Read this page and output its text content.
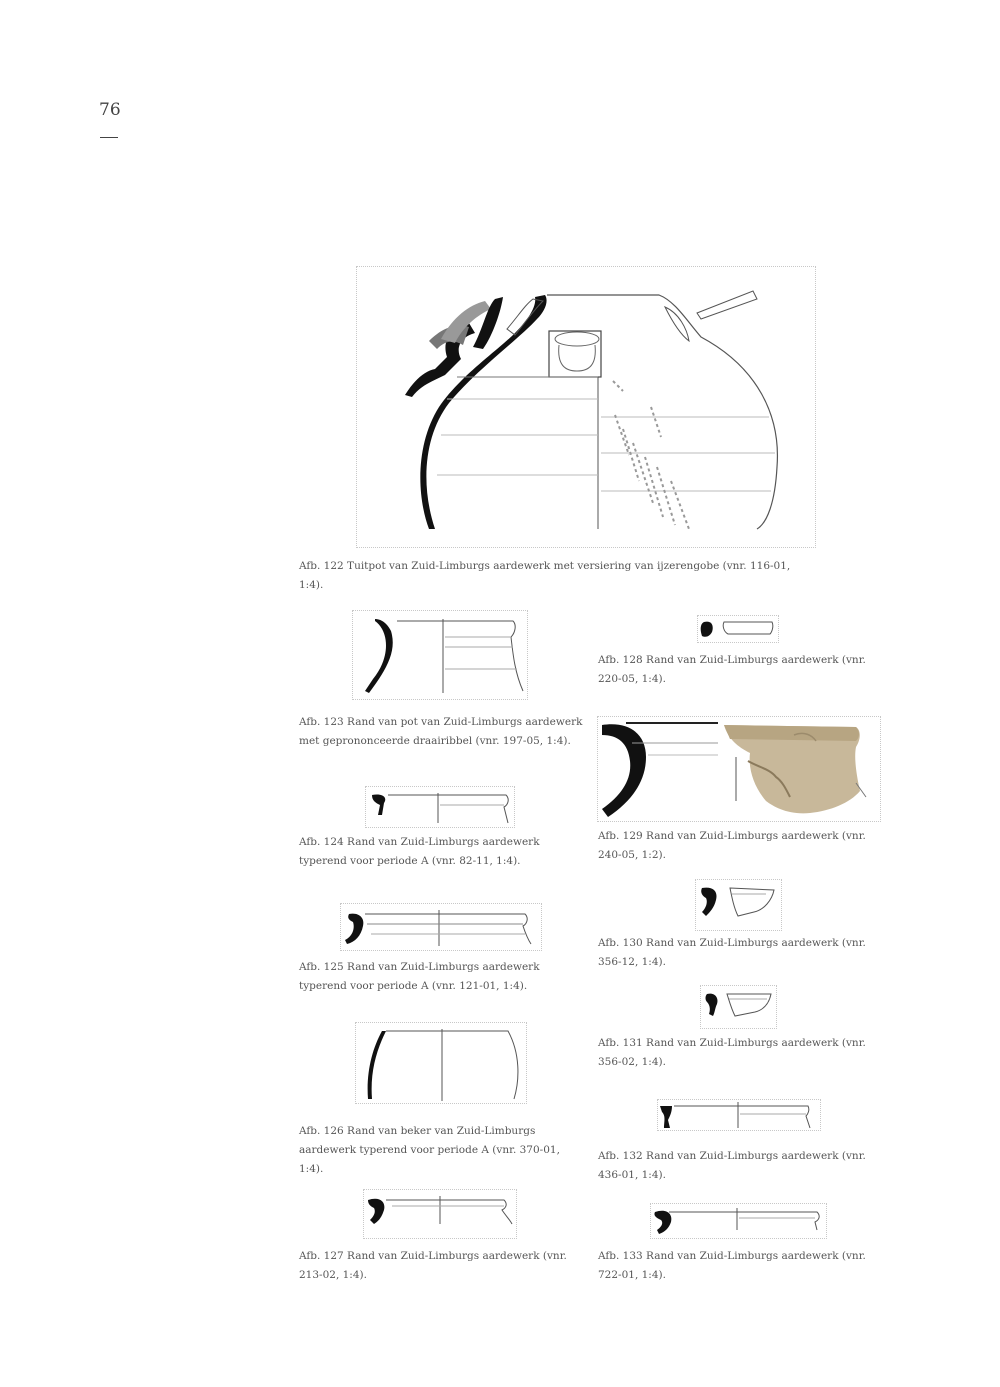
76
Afb. 122 Tuitpot van Zuid-Limburgs aardewerk met versiering van ijzerengobe (vnr. 116-01, 1:4).
Afb. 123 Rand van pot van Zuid-Limburgs aardewerk met geprononceerde draairibbel (vnr. 197-05, 1:4).
Afb. 124 Rand van Zuid-Limburgs aardewerk typerend voor periode A (vnr. 82-11, 1:4).
Afb. 125 Rand van Zuid-Limburgs aardewerk typerend voor periode A (vnr. 121-01, 1:4).
Afb. 126 Rand van beker van Zuid-Limburgs aardewerk typerend voor periode A (vnr. 370-01, 1:4).
Afb. 127 Rand van Zuid-Limburgs aardewerk (vnr. 213-02, 1:4).
Afb. 128 Rand van Zuid-Limburgs aardewerk (vnr. 220-05, 1:4).
Afb. 129 Rand van Zuid-Limburgs aardewerk (vnr. 240-05, 1:2).
Afb. 130 Rand van Zuid-Limburgs aardewerk (vnr. 356-12, 1:4).
Afb. 131 Rand van Zuid-Limburgs aardewerk (vnr. 356-02, 1:4).
Afb. 132 Rand van Zuid-Limburgs aardewerk (vnr. 436-01, 1:4).
Afb. 133 Rand van Zuid-Limburgs aardewerk (vnr. 722-01, 1:4).
